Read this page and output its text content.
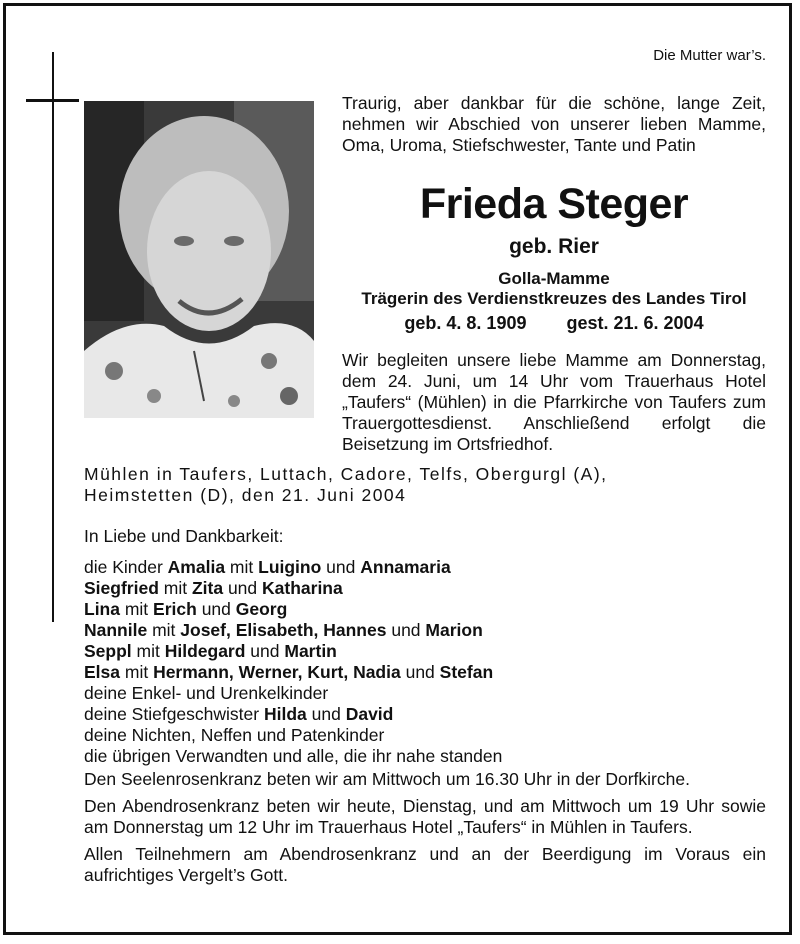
Die Mutter war’s.
Traurig, aber dankbar für die schöne, lange Zeit, nehmen wir Abschied von unserer lieben Mamme, Oma, Uroma, Stiefschwester, Tante und Patin
Frieda Steger
geb. Rier
Golla-Mamme
Trägerin des Verdienstkreuzes des Landes Tirol
geb. 4. 8. 1909 gest. 21. 6. 2004
Wir begleiten unsere liebe Mamme am Donnerstag, dem 24. Juni, um 14 Uhr vom Trauerhaus Hotel „Taufers“ (Mühlen) in die Pfarrkirche von Taufers zum Trauergottesdienst. Anschließend erfolgt die Beisetzung im Ortsfriedhof.
Mühlen in Taufers, Luttach, Cadore, Telfs, Obergurgl (A),
Heimstetten (D), den 21. Juni 2004
In Liebe und Dankbarkeit:
die Kinder Amalia mit Luigino und Annamaria
Siegfried mit Zita und Katharina
Lina mit Erich und Georg
Nannile mit Josef, Elisabeth, Hannes und Marion
Seppl mit Hildegard und Martin
Elsa mit Hermann, Werner, Kurt, Nadia und Stefan
deine Enkel- und Urenkelkinder
deine Stiefgeschwister Hilda und David
deine Nichten, Neffen und Patenkinder
die übrigen Verwandten und alle, die ihr nahe standen

Den Seelenrosenkranz beten wir am Mittwoch um 16.30 Uhr in der Dorfkirche.

Den Abendrosenkranz beten wir heute, Dienstag, und am Mittwoch um 19 Uhr sowie am Donnerstag um 12 Uhr im Trauerhaus Hotel „Taufers“ in Mühlen in Taufers.

Allen Teilnehmern am Abendrosenkranz und an der Beerdigung im Voraus ein aufrichtiges Vergelt’s Gott.
